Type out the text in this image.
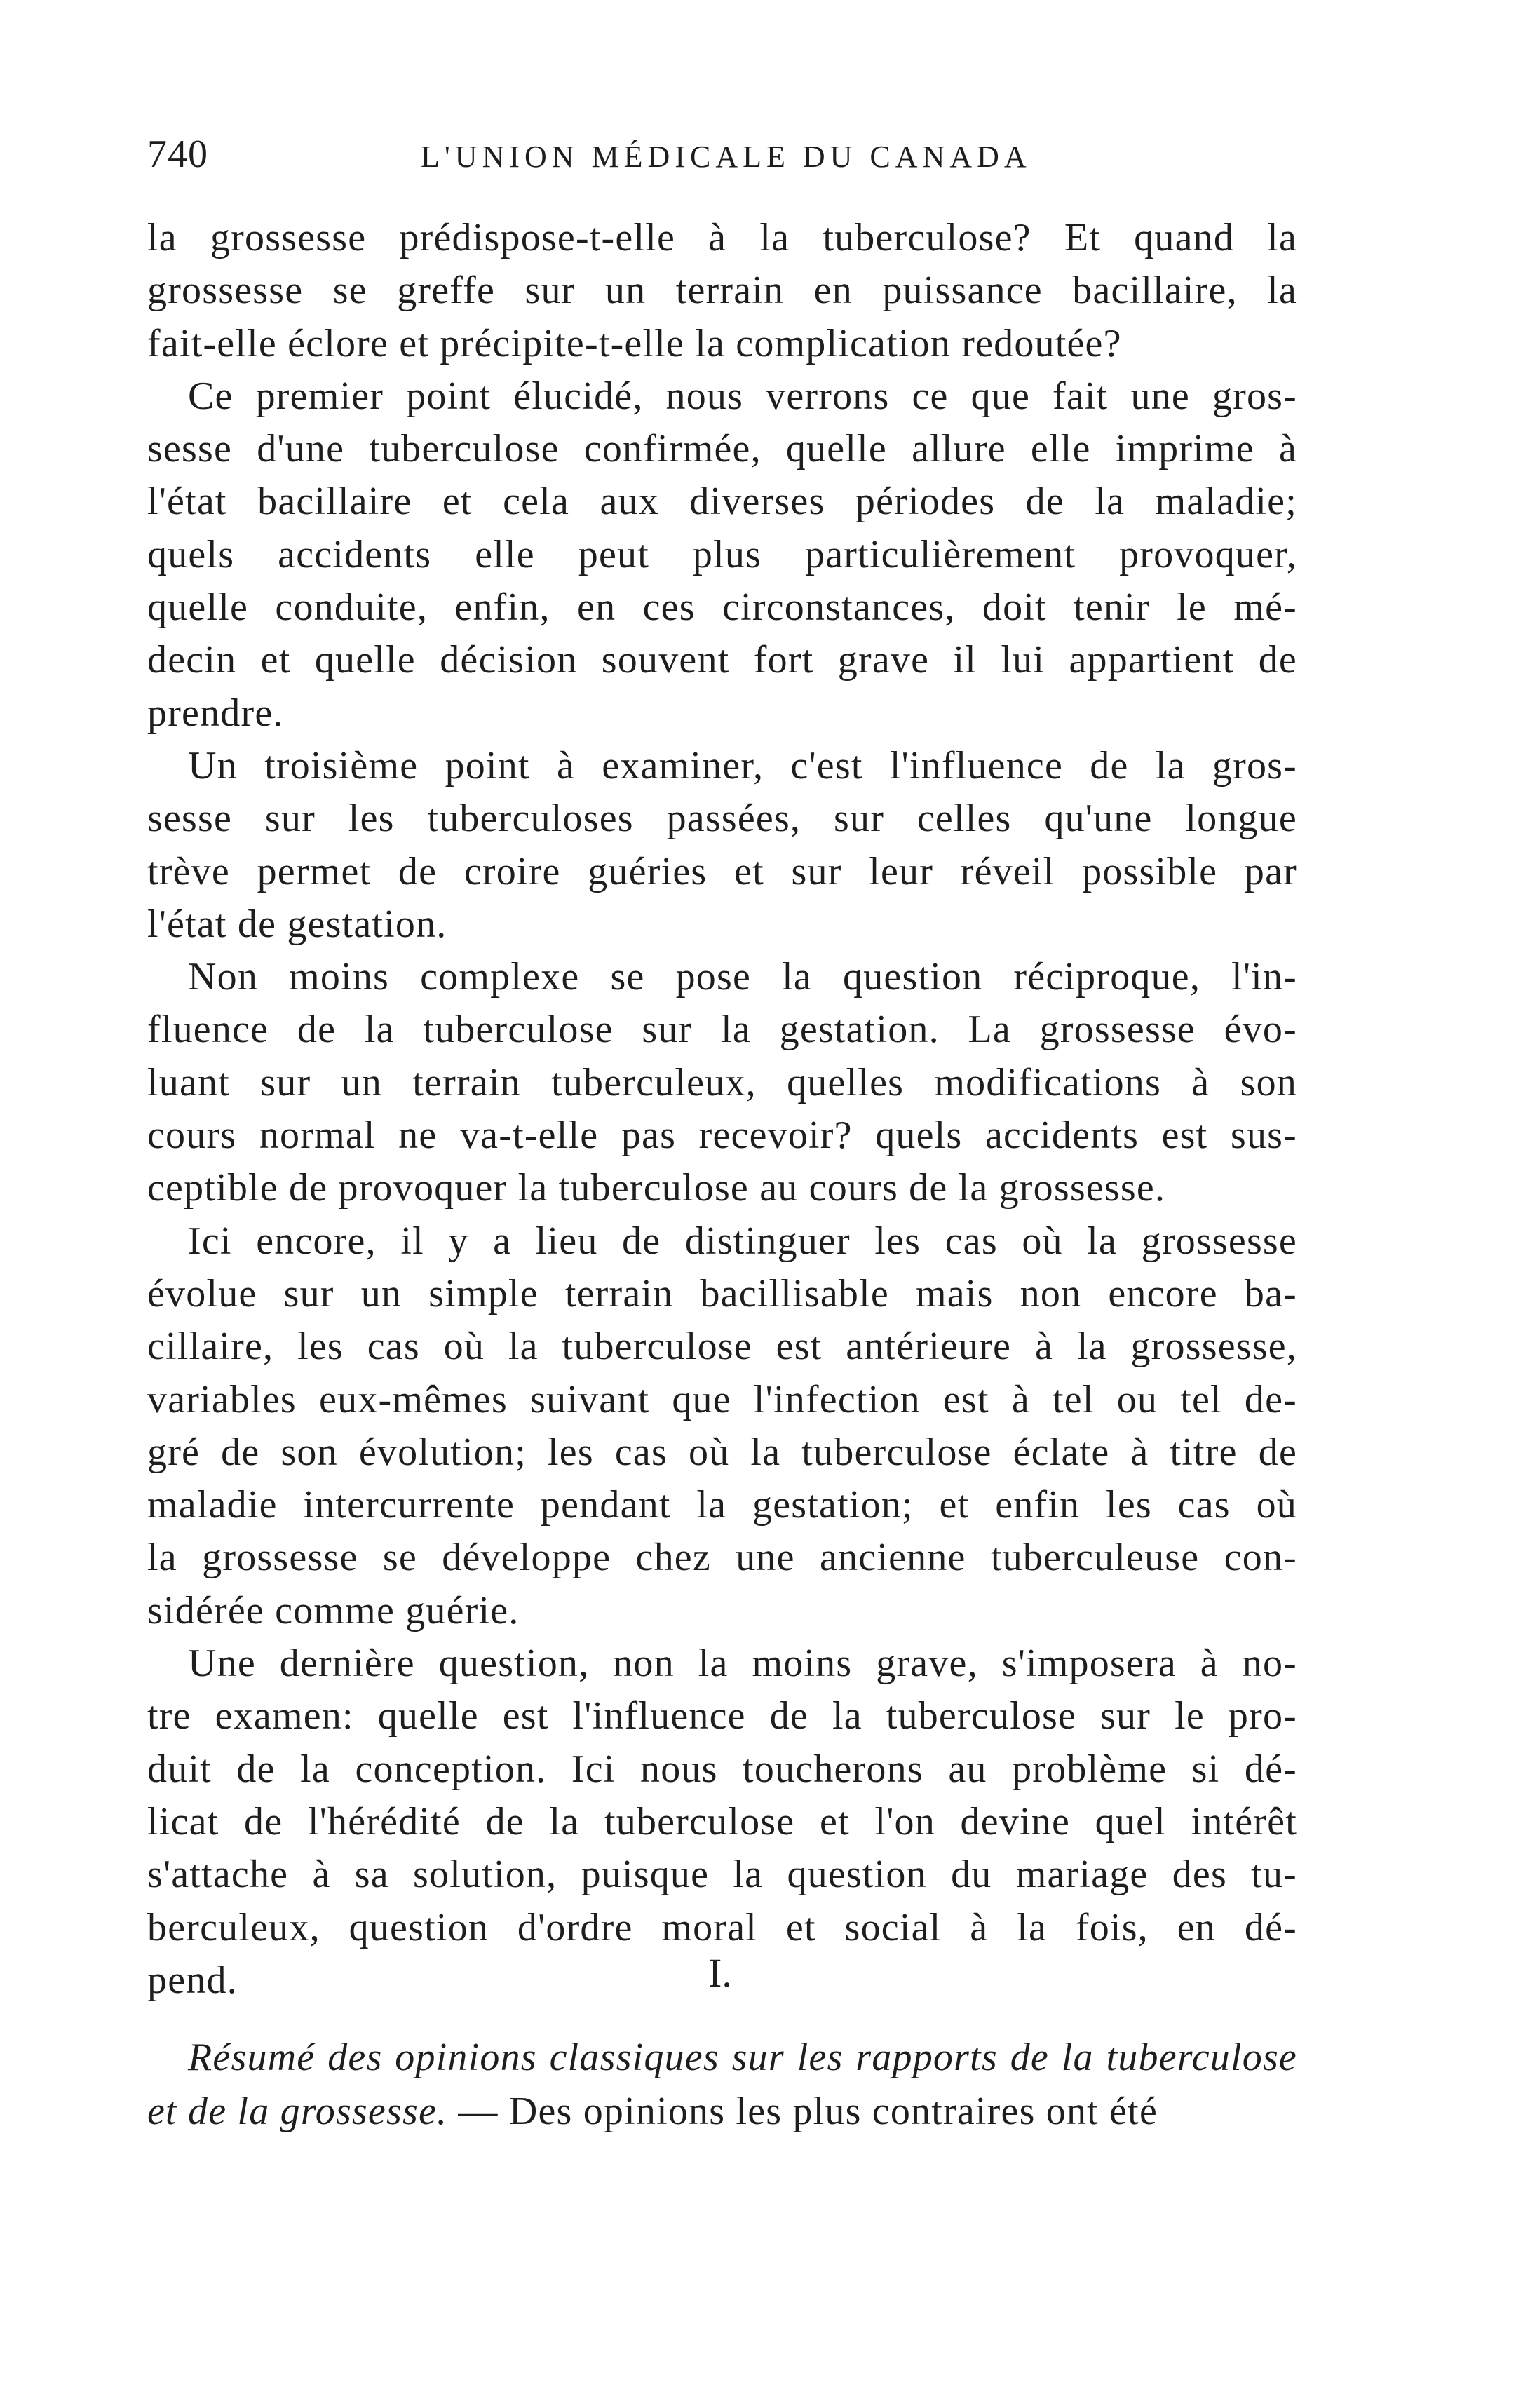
740	L'UNION MÉDICALE DU CANADA
la grossesse prédispose-t-elle à la tuberculose? Et quand la
grossesse se greffe sur un terrain en puissance bacillaire, la
fait-elle éclore et précipite-t-elle la complication redoutée?
Ce premier point élucidé, nous verrons ce que fait une gros-
sesse d'une tuberculose confirmée, quelle allure elle imprime à
l'état bacillaire et cela aux diverses périodes de la maladie;
quels accidents elle peut plus particulièrement provoquer,
quelle conduite, enfin, en ces circonstances, doit tenir le mé-
decin et quelle décision souvent fort grave il lui appartient de
prendre.
Un troisième point à examiner, c'est l'influence de la gros-
sesse sur les tuberculoses passées, sur celles qu'une longue
trève permet de croire guéries et sur leur réveil possible par
l'état de gestation.
Non moins complexe se pose la question réciproque, l'in-
fluence de la tuberculose sur la gestation. La grossesse évo-
luant sur un terrain tuberculeux, quelles modifications à son
cours normal ne va-t-elle pas recevoir? quels accidents est sus-
ceptible de provoquer la tuberculose au cours de la grossesse.
Ici encore, il y a lieu de distinguer les cas où la grossesse
évolue sur un simple terrain bacillisable mais non encore ba-
cillaire, les cas où la tuberculose est antérieure à la grossesse,
variables eux-mêmes suivant que l'infection est à tel ou tel de-
gré de son évolution; les cas où la tuberculose éclate à titre de
maladie intercurrente pendant la gestation; et enfin les cas où
la grossesse se développe chez une ancienne tuberculeuse con-
sidérée comme guérie.
Une dernière question, non la moins grave, s'imposera à no-
tre examen: quelle est l'influence de la tuberculose sur le pro-
duit de la conception. Ici nous toucherons au problème si dé-
licat de l'hérédité de la tuberculose et l'on devine quel intérêt
s'attache à sa solution, puisque la question du mariage des tu-
berculeux, question d'ordre moral et social à la fois, en dé-
pend.	I.
Résumé des opinions classiques sur les rapports de la tuberculose
et de la grossesse. — Des opinions les plus contraires ont été
